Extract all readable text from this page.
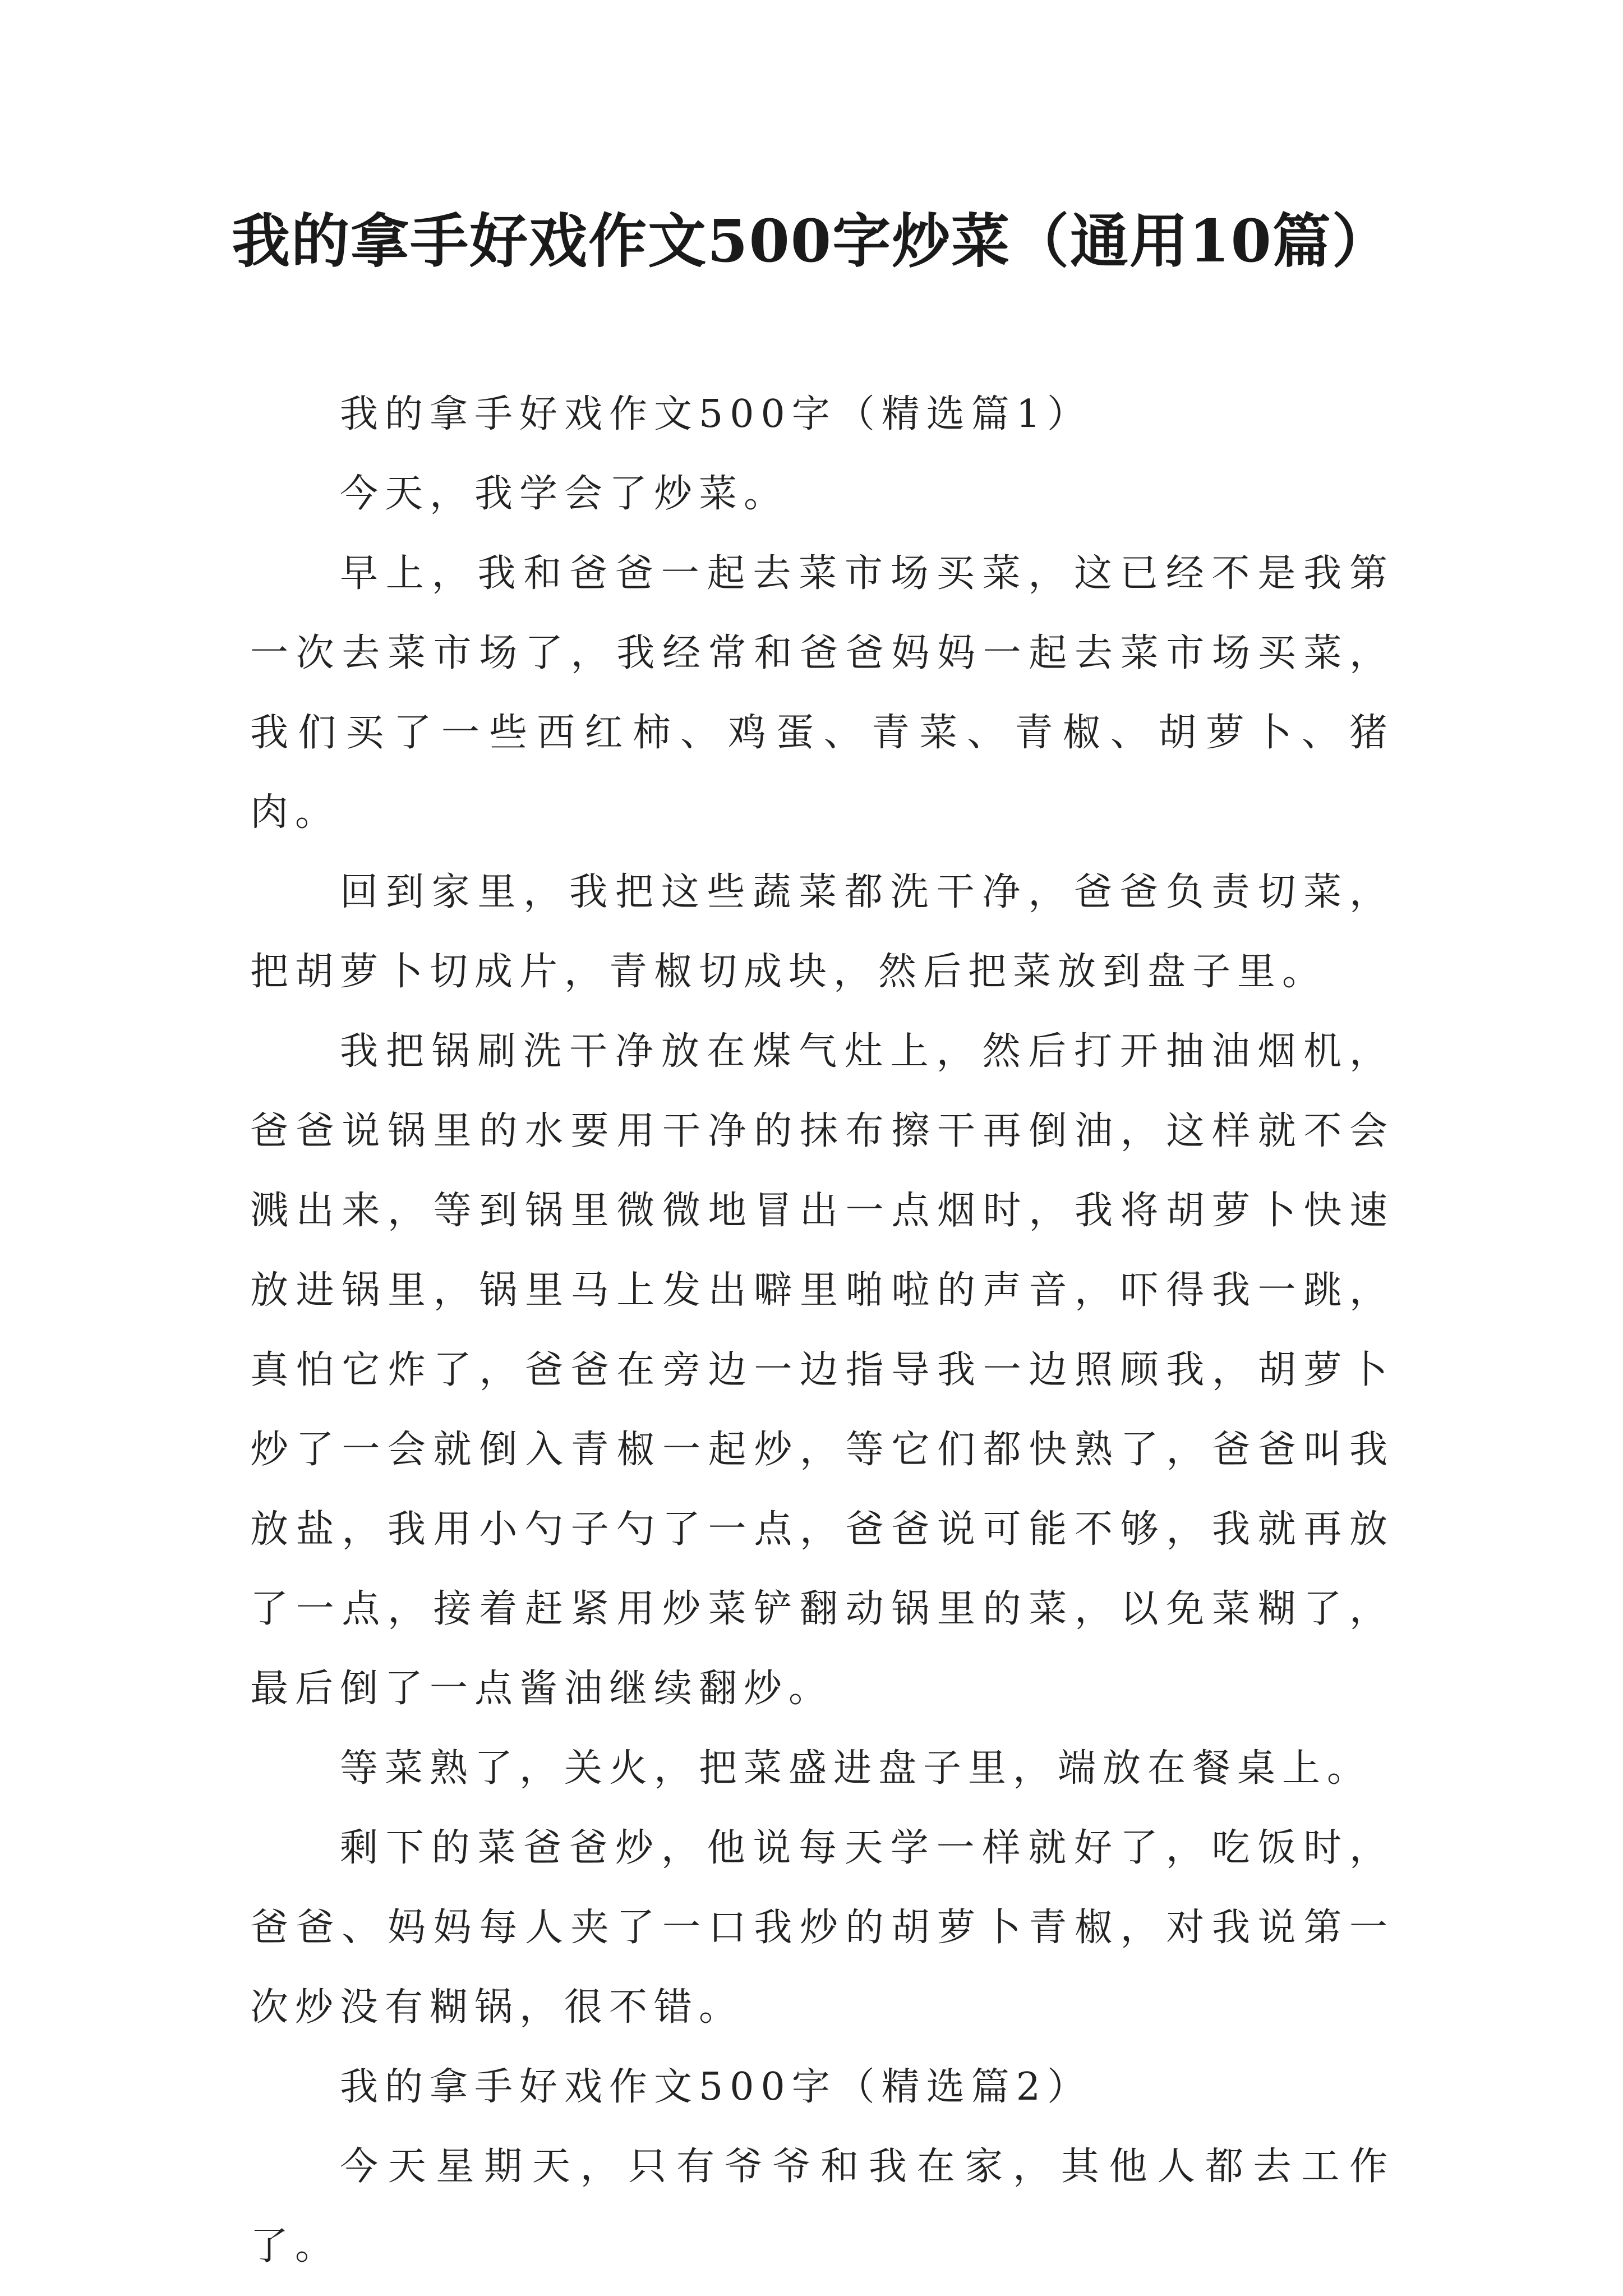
我的拿手好戏作文500字炒菜（通用10篇）

我的拿手好戏作文500字（精选篇1）

今天，我学会了炒菜。

早上，我和爸爸一起去菜市场买菜，这已经不是我第一次去菜市场了，我经常和爸爸妈妈一起去菜市场买菜，我们买了一些西红柿、鸡蛋、青菜、青椒、胡萝卜、猪肉。

回到家里，我把这些蔬菜都洗干净，爸爸负责切菜，把胡萝卜切成片，青椒切成块，然后把菜放到盘子里。

我把锅刷洗干净放在煤气灶上，然后打开抽油烟机，爸爸说锅里的水要用干净的抹布擦干再倒油，这样就不会溅出来，等到锅里微微地冒出一点烟时，我将胡萝卜快速放进锅里，锅里马上发出噼里啪啦的声音，吓得我一跳，真怕它炸了，爸爸在旁边一边指导我一边照顾我，胡萝卜炒了一会就倒入青椒一起炒，等它们都快熟了，爸爸叫我放盐，我用小勺子勺了一点，爸爸说可能不够，我就再放了一点，接着赶紧用炒菜铲翻动锅里的菜，以免菜糊了，最后倒了一点酱油继续翻炒。

等菜熟了，关火，把菜盛进盘子里，端放在餐桌上。

剩下的菜爸爸炒，他说每天学一样就好了，吃饭时，爸爸、妈妈每人夹了一口我炒的胡萝卜青椒，对我说第一次炒没有糊锅，很不错。

我的拿手好戏作文500字（精选篇2）

今天星期天，只有爷爷和我在家，其他人都去工作了。
